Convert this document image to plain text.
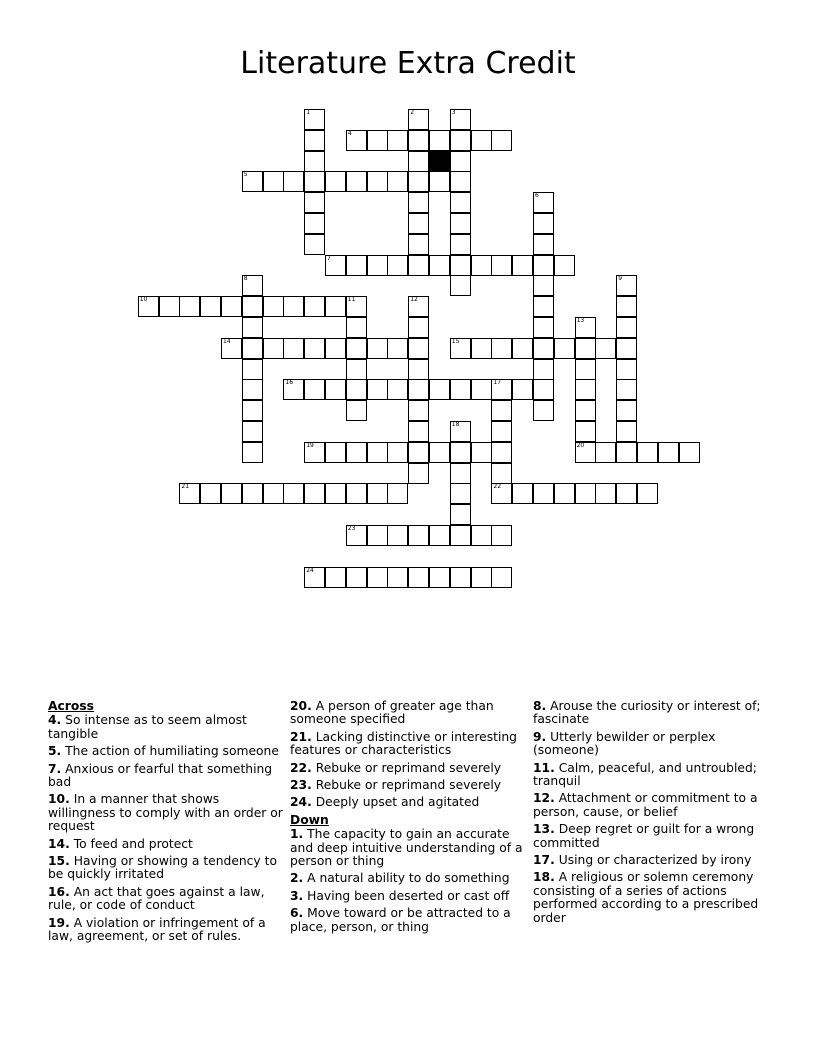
Literature Extra Credit
1	2	3
4
5
6
7
8	9
10	11	12
13
20
14	15
16	17
18
19
21	22
23
24
Across
4. So intense as to seem almost tangible
5. The action of humiliating someone
7. Anxious or fearful that something bad
10. In a manner that shows willingness to comply with an order or request
14. To feed and protect
15. Having or showing a tendency to be quickly irritated
16. An act that goes against a law, rule, or code of conduct
19. A violation or infringement of a law, agreement, or set of rules.
20. A person of greater age than someone specified
21. Lacking distinctive or interesting features or characteristics
22. Rebuke or reprimand severely
23. Rebuke or reprimand severely
24. Deeply upset and agitated
Down
1. The capacity to gain an accurate and deep intuitive understanding of a person or thing
2. A natural ability to do something
3. Having been deserted or cast off
6. Move toward or be attracted to a place, person, or thing
8. Arouse the curiosity or interest of; fascinate
9. Utterly bewilder or perplex (someone)
11. Calm, peaceful, and untroubled; tranquil
12. Attachment or commitment to a person, cause, or belief
13. Deep regret or guilt for a wrong committed
17. Using or characterized by irony
18. A religious or solemn ceremony consisting of a series of actions performed according to a prescribed order
